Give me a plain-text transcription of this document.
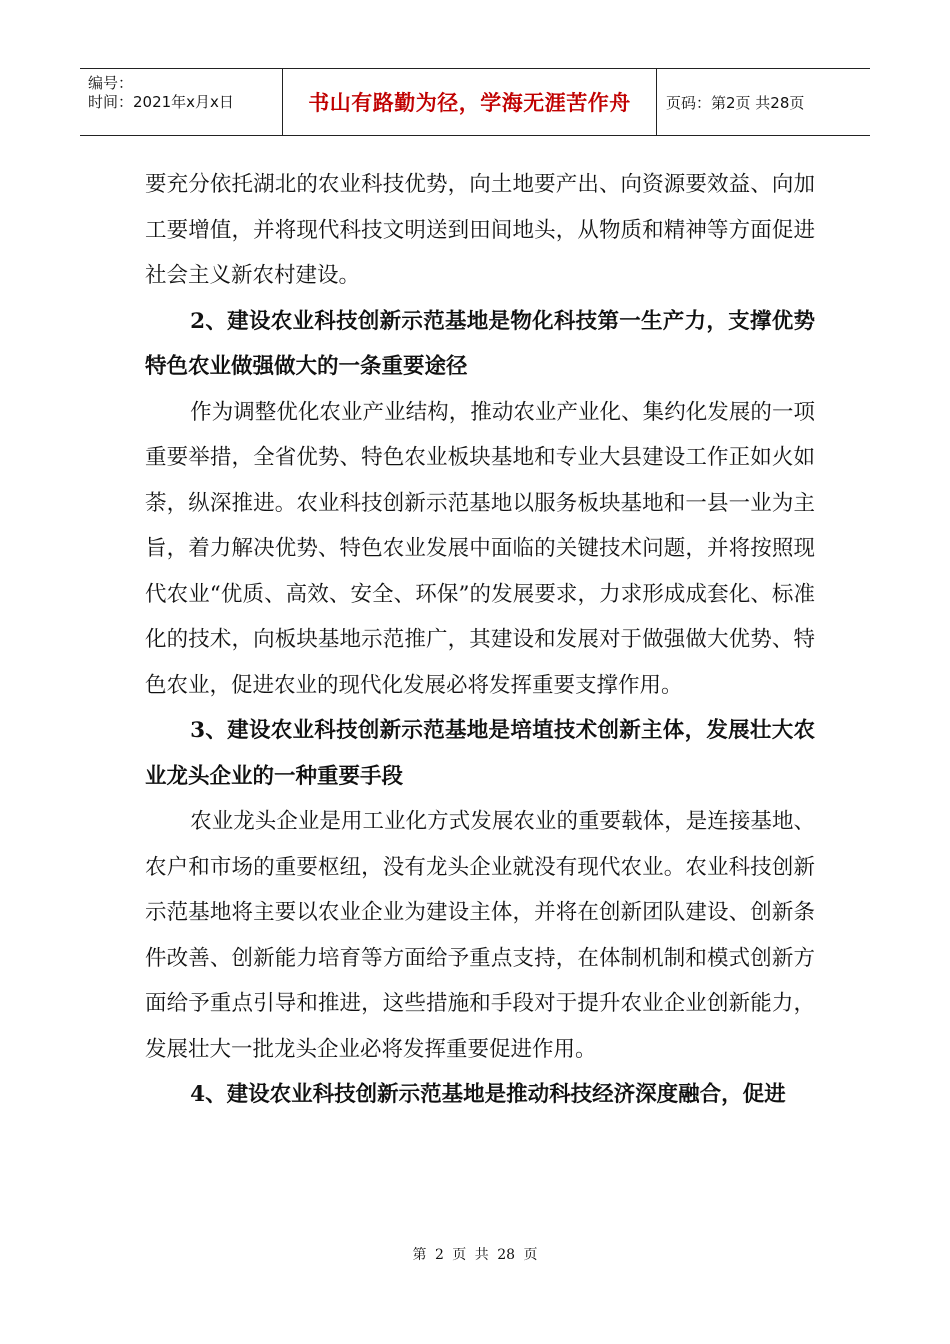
编号：
时间：2021年x月x日	书山有路勤为径，学海无涯苦作舟	页码：第2页 共28页

要充分依托湖北的农业科技优势，向土地要产出、向资源要效益、向加工要增值，并将现代科技文明送到田间地头，从物质和精神等方面促进社会主义新农村建设。

2、建设农业科技创新示范基地是物化科技第一生产力，支撑优势特色农业做强做大的一条重要途径

作为调整优化农业产业结构，推动农业产业化、集约化发展的一项重要举措，全省优势、特色农业板块基地和专业大县建设工作正如火如荼，纵深推进。农业科技创新示范基地以服务板块基地和一县一业为主旨，着力解决优势、特色农业发展中面临的关键技术问题，并将按照现代农业“优质、高效、安全、环保”的发展要求，力求形成成套化、标准化的技术，向板块基地示范推广，其建设和发展对于做强做大优势、特色农业，促进农业的现代化发展必将发挥重要支撑作用。

3、建设农业科技创新示范基地是培埴技术创新主体，发展壮大农业龙头企业的一种重要手段

农业龙头企业是用工业化方式发展农业的重要载体，是连接基地、农户和市场的重要枢纽，没有龙头企业就没有现代农业。农业科技创新示范基地将主要以农业企业为建设主体，并将在创新团队建设、创新条件改善、创新能力培育等方面给予重点支持，在体制机制和模式创新方面给予重点引导和推进，这些措施和手段对于提升农业企业创新能力，发展壮大一批龙头企业必将发挥重要促进作用。

4、建设农业科技创新示范基地是推动科技经济深度融合，促进

第 2 页 共 28 页
